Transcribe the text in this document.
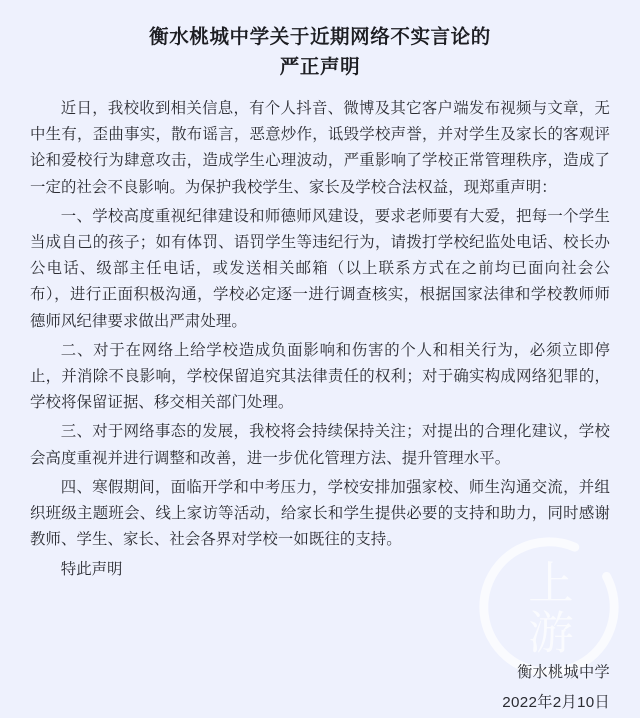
上
游
衡水桃城中学关于近期网络不实言论的
严正声明

近日，我校收到相关信息，有个人抖音、微博及其它客户端发布视频与文章，无中生有，歪曲事实，散布谣言，恶意炒作，诋毁学校声誉，并对学生及家长的客观评论和爱校行为肆意攻击，造成学生心理波动，严重影响了学校正常管理秩序，造成了一定的社会不良影响。为保护我校学生、家长及学校合法权益，现郑重声明：

一、学校高度重视纪律建设和师德师风建设，要求老师要有大爱，把每一个学生当成自己的孩子；如有体罚、语罚学生等违纪行为，请拨打学校纪监处电话、校长办公电话、级部主任电话，或发送相关邮箱（以上联系方式在之前均已面向社会公布），进行正面积极沟通，学校必定逐一进行调查核实，根据国家法律和学校教师师德师风纪律要求做出严肃处理。

二、对于在网络上给学校造成负面影响和伤害的个人和相关行为，必须立即停止，并消除不良影响，学校保留追究其法律责任的权利；对于确实构成网络犯罪的，学校将保留证据、移交相关部门处理。

三、对于网络事态的发展，我校将会持续保持关注；对提出的合理化建议，学校会高度重视并进行调整和改善，进一步优化管理方法、提升管理水平。

四、寒假期间，面临开学和中考压力，学校安排加强家校、师生沟通交流，并组织班级主题班会、线上家访等活动，给家长和学生提供必要的支持和助力，同时感谢教师、学生、家长、社会各界对学校一如既往的支持。

特此声明

衡水桃城中学
2022年2月10日
